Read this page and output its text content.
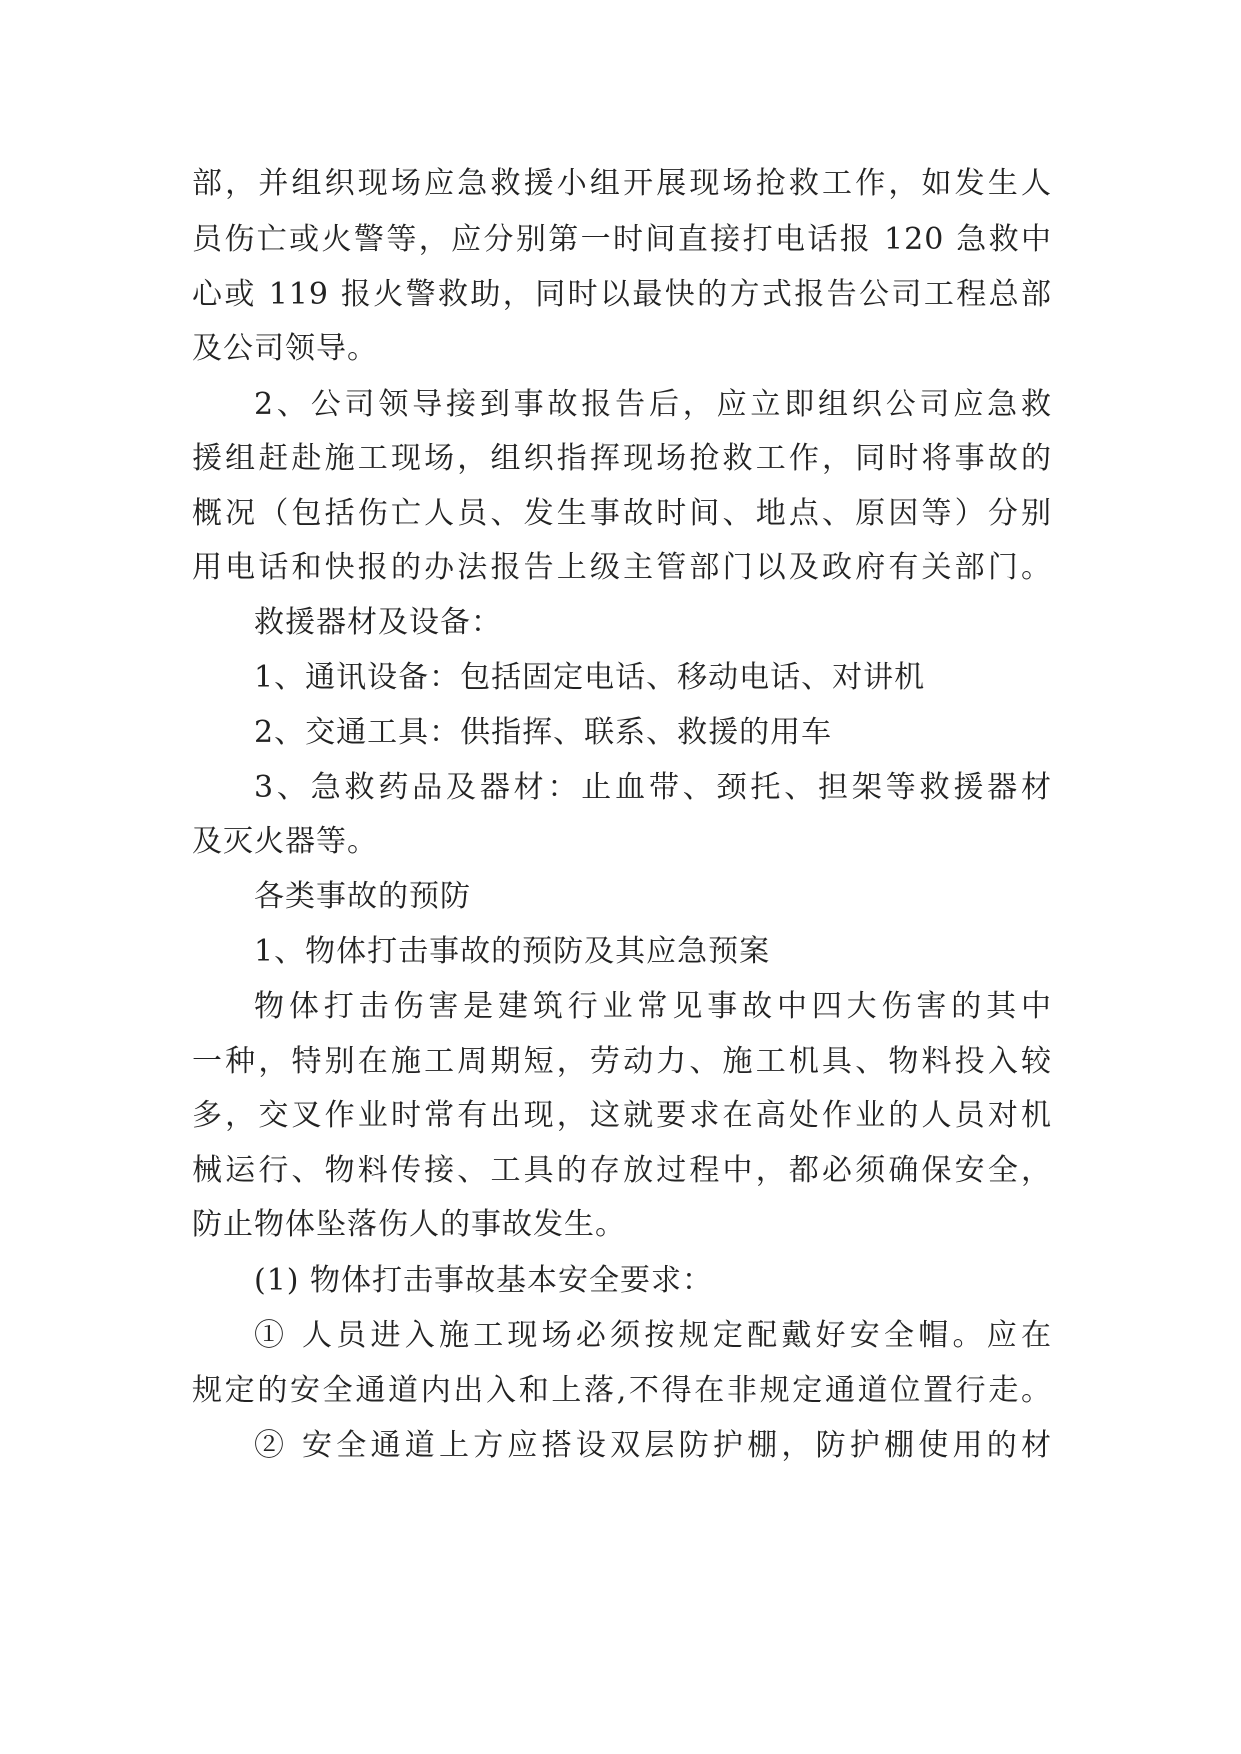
部，并组织现场应急救援小组开展现场抢救工作，如发生人
员伤亡或火警等，应分别第一时间直接打电话报 120 急救中
心或 119 报火警救助，同时以最快的方式报告公司工程总部
及公司领导。
2、公司领导接到事故报告后，应立即组织公司应急救
援组赶赴施工现场，组织指挥现场抢救工作，同时将事故的
概况（包括伤亡人员、发生事故时间、地点、原因等）分别
用电话和快报的办法报告上级主管部门以及政府有关部门。
救援器材及设备：
1、通讯设备：包括固定电话、移动电话、对讲机
2、交通工具：供指挥、联系、救援的用车
3、急救药品及器材：止血带、颈托、担架等救援器材
及灭火器等。
各类事故的预防
1、物体打击事故的预防及其应急预案
物体打击伤害是建筑行业常见事故中四大伤害的其中
一种，特别在施工周期短，劳动力、施工机具、物料投入较
多，交叉作业时常有出现，这就要求在高处作业的人员对机
械运行、物料传接、工具的存放过程中，都必须确保安全，
防止物体坠落伤人的事故发生。
(1) 物体打击事故基本安全要求：
① 人员进入施工现场必须按规定配戴好安全帽。应在
规定的安全通道内出入和上落,不得在非规定通道位置行走。
② 安全通道上方应搭设双层防护棚，防护棚使用的材
